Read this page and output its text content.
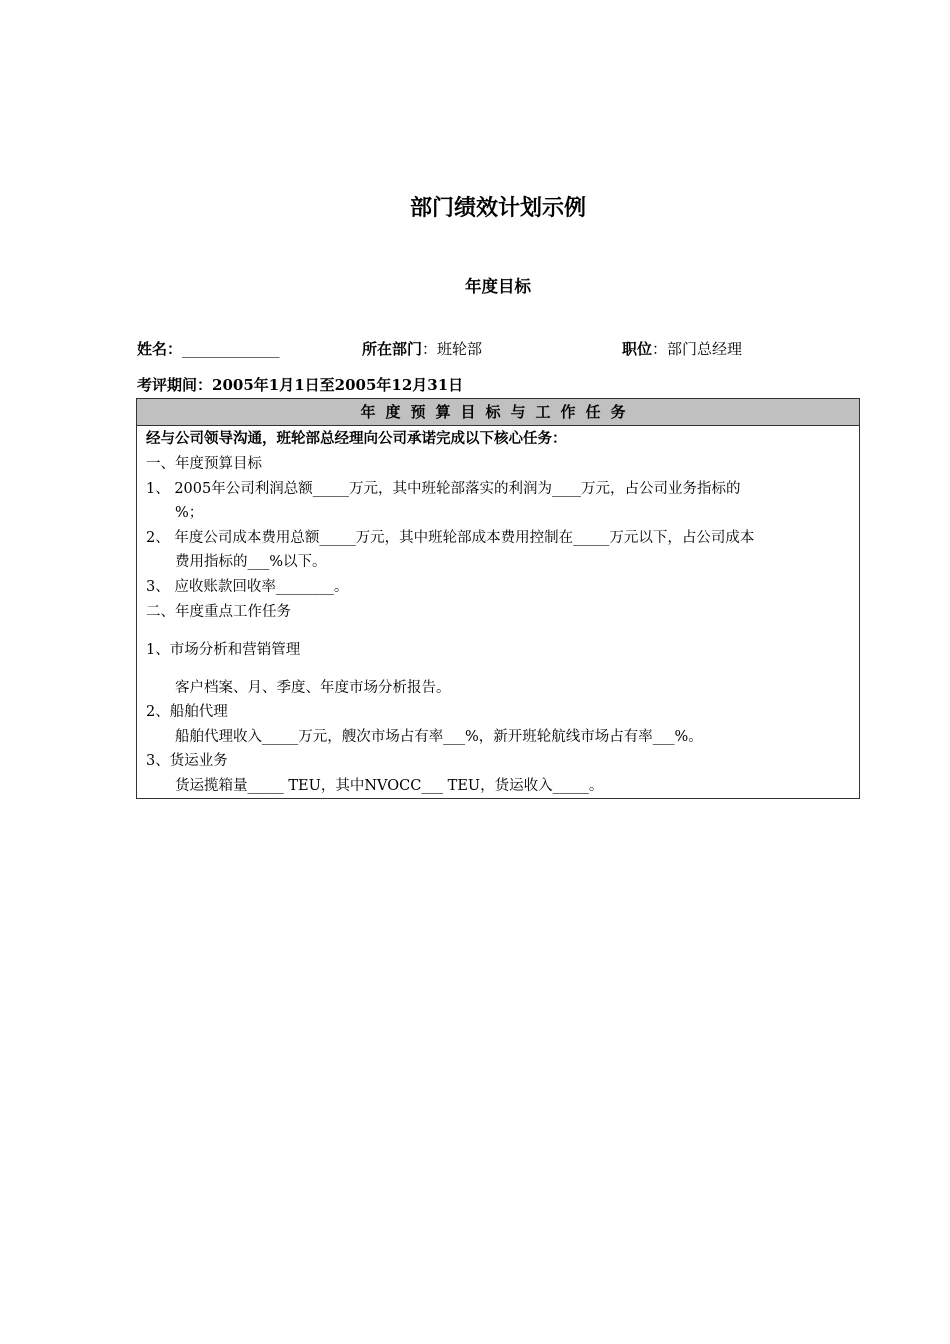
部门绩效计划示例
年度目标
姓名：_____________	所在部门：班轮部	职位：部门总经理
考评期间：2005年1月1日至2005年12月31日
年度预算目标与工作任务
经与公司领导沟通，班轮部总经理向公司承诺完成以下核心任务：
一、年度预算目标
1、 2005年公司利润总额_____万元，其中班轮部落实的利润为____万元，占公司业务指标的
%；
2、 年度公司成本费用总额_____万元，其中班轮部成本费用控制在_____万元以下，占公司成本
费用指标的___%以下。
3、 应收账款回收率________。
二、年度重点工作任务
1、市场分析和营销管理
客户档案、月、季度、年度市场分析报告。
2、船舶代理
船舶代理收入_____万元，艘次市场占有率___%，新开班轮航线市场占有率___%。
3、货运业务
货运揽箱量_____ TEU，其中NVOCC___ TEU，货运收入_____。
